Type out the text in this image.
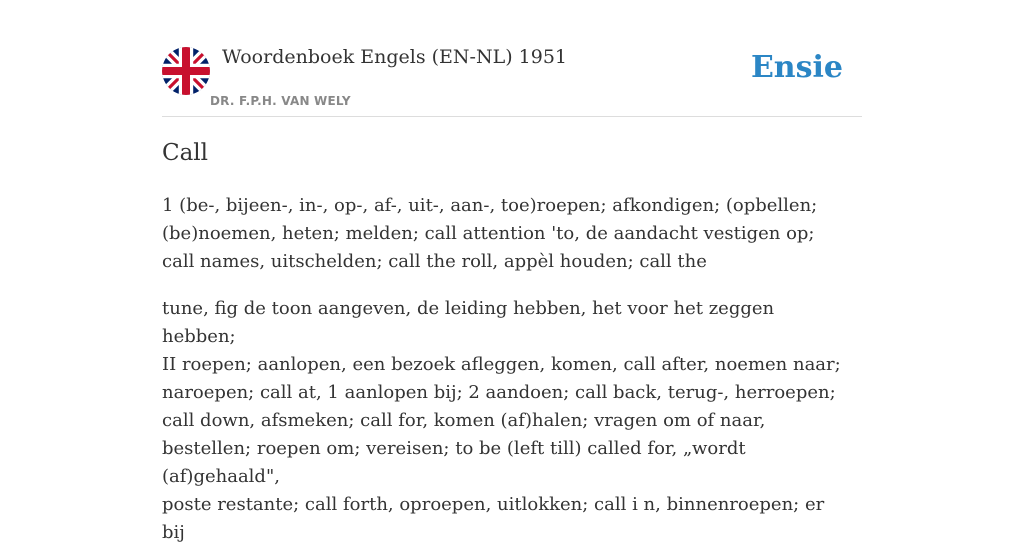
Woordenboek Engels (EN-NL) 1951
DR. F.P.H. VAN WELY
Ensie
Call

1 (be-, bijeen-, in-, op-, af-, uit-, aan-, toe)roepen; afkondigen; (opbellen; (be)noemen, heten; melden; call attention 'to, de aandacht vestigen op; call names, uitschelden; call the roll, appèl houden; call the

tune, fig de toon aangeven, de leiding hebben, het voor het zeggen hebben;

II roepen; aanlopen, een bezoek afleggen, komen, call after, noemen naar; naroepen; call at, 1 aanlopen bij; 2 aandoen; call back, terug-, herroepen; call down, afsmeken; call for, komen (af)halen; vragen om of naar, bestellen; roepen om; vereisen; to be (left till) called for, „wordt (af)gehaald",

poste restante; call forth, oproepen, uitlokken; call i n, binnenroepen; er bij
